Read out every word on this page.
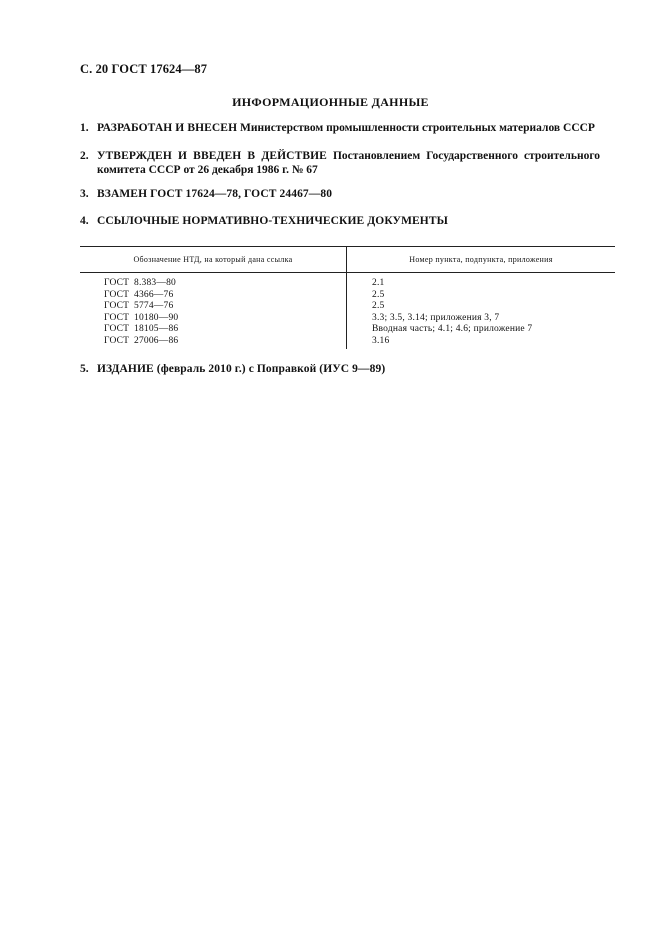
С. 20 ГОСТ 17624—87
ИНФОРМАЦИОННЫЕ ДАННЫЕ
1. РАЗРАБОТАН И ВНЕСЕН Министерством промышленности строительных материалов СССР
2. УТВЕРЖДЕН И ВВЕДЕН В ДЕЙСТВИЕ Постановлением Государственного строительного комитета СССР от 26 декабря 1986 г. № 67
3. ВЗАМЕН ГОСТ 17624—78, ГОСТ 24467—80
4. ССЫЛОЧНЫЕ НОРМАТИВНО-ТЕХНИЧЕСКИЕ ДОКУМЕНТЫ
Обозначение НТД, на который дана ссылка	Номер пункта, подпункта, приложения
ГОСТ 8.383—80
ГОСТ 4366—76
ГОСТ 5774—76
ГОСТ 10180—90
ГОСТ 18105—86
ГОСТ 27006—86
2.1
2.5
2.5
3.3; 3.5, 3.14; приложения 3, 7
Вводная часть; 4.1; 4.6; приложение 7
3.16
5. ИЗДАНИЕ (февраль 2010 г.) с Поправкой (ИУС 9—89)
